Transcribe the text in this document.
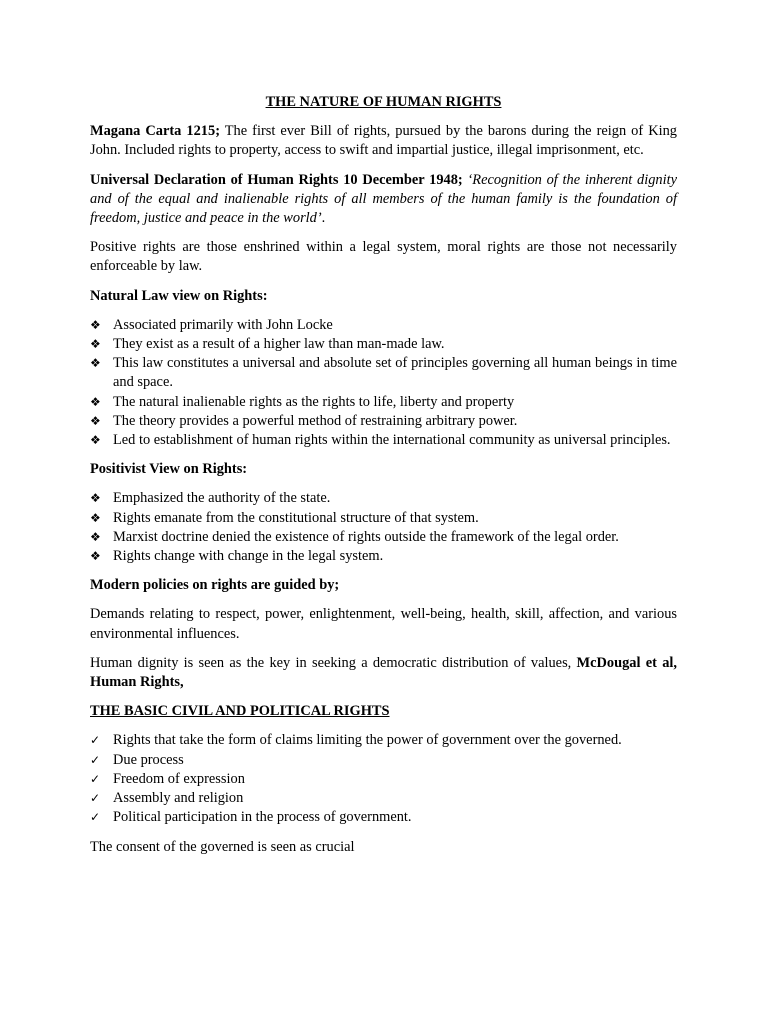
THE NATURE OF HUMAN RIGHTS

Magana Carta 1215; The first ever Bill of rights, pursued by the barons during the reign of King John. Included rights to property, access to swift and impartial justice, illegal imprisonment, etc.

Universal Declaration of Human Rights 10 December 1948; ‘Recognition of the inherent dignity and of the equal and inalienable rights of all members of the human family is the foundation of freedom, justice and peace in the world’.

Positive rights are those enshrined within a legal system, moral rights are those not necessarily enforceable by law.

Natural Law view on Rights:
❖ Associated primarily with John Locke
❖ They exist as a result of a higher law than man-made law.
❖ This law constitutes a universal and absolute set of principles governing all human beings in time and space.
❖ The natural inalienable rights as the rights to life, liberty and property
❖ The theory provides a powerful method of restraining arbitrary power.
❖ Led to establishment of human rights within the international community as universal principles.
Positivist View on Rights:
❖ Emphasized the authority of the state.
❖ Rights emanate from the constitutional structure of that system.
❖ Marxist doctrine denied the existence of rights outside the framework of the legal order.
❖ Rights change with change in the legal system.
Modern policies on rights are guided by;

Demands relating to respect, power, enlightenment, well-being, health, skill, affection, and various environmental influences.

Human dignity is seen as the key in seeking a democratic distribution of values, McDougal et al, Human Rights,

THE BASIC CIVIL AND POLITICAL RIGHTS
✓ Rights that take the form of claims limiting the power of government over the governed.
✓ Due process
✓ Freedom of expression
✓ Assembly and religion
✓ Political participation in the process of government.

The consent of the governed is seen as crucial
